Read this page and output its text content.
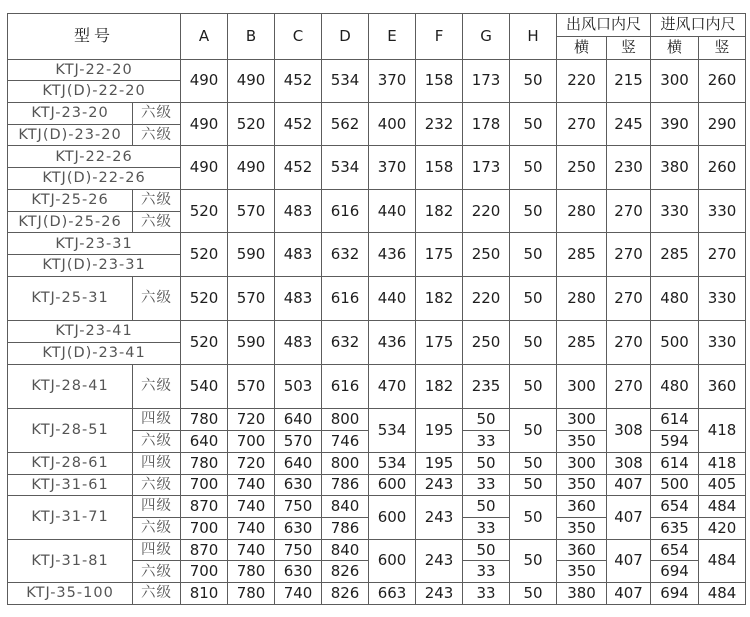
型号		A	B	C	D	E	F	G	H	出风口内尺		进风口内尺	
										横	竖	横	竖
KTJ-22-20		490	490	452	534	370	158	173	50	220	215	300	260
KTJ(D)-22-20													
KTJ-23-20	六级	490	520	452	562	400	232	178	50	270	245	390	290
KTJ(D)-23-20	六级												
KTJ-22-26		490	490	452	534	370	158	173	50	250	230	380	260
KTJ(D)-22-26													
KTJ-25-26	六级	520	570	483	616	440	182	220	50	280	270	330	330
KTJ(D)-25-26	六级												
KTJ-23-31		520	590	483	632	436	175	250	50	285	270	285	270
KTJ(D)-23-31													
KTJ-25-31	六级	520	570	483	616	440	182	220	50	280	270	480	330
KTJ-23-41		520	590	483	632	436	175	250	50	285	270	500	330
KTJ(D)-23-41													
KTJ-28-41	六级	540	570	503	616	470	182	235	50	300	270	480	360
KTJ-28-51	四级	780	720	640	800	534	195	50	50	300	308	614	418
	六级	640	700	570	746			33		350		594	
KTJ-28-61	四级	780	720	640	800	534	195	50	50	300	308	614	418
KTJ-31-61	六级	700	740	630	786	600	243	33	50	350	407	500	405
KTJ-31-71	四级	870	740	750	840	600	243	50	50	360	407	654	484
	六级	700	740	630	786			33		350		635	420
KTJ-31-81	四级	870	740	750	840	600	243	50	50	360	407	654	484
	六级	700	780	630	826			33		350		694	
KTJ-35-100	六级	810	780	740	826	663	243	33	50	380	407	694	484
